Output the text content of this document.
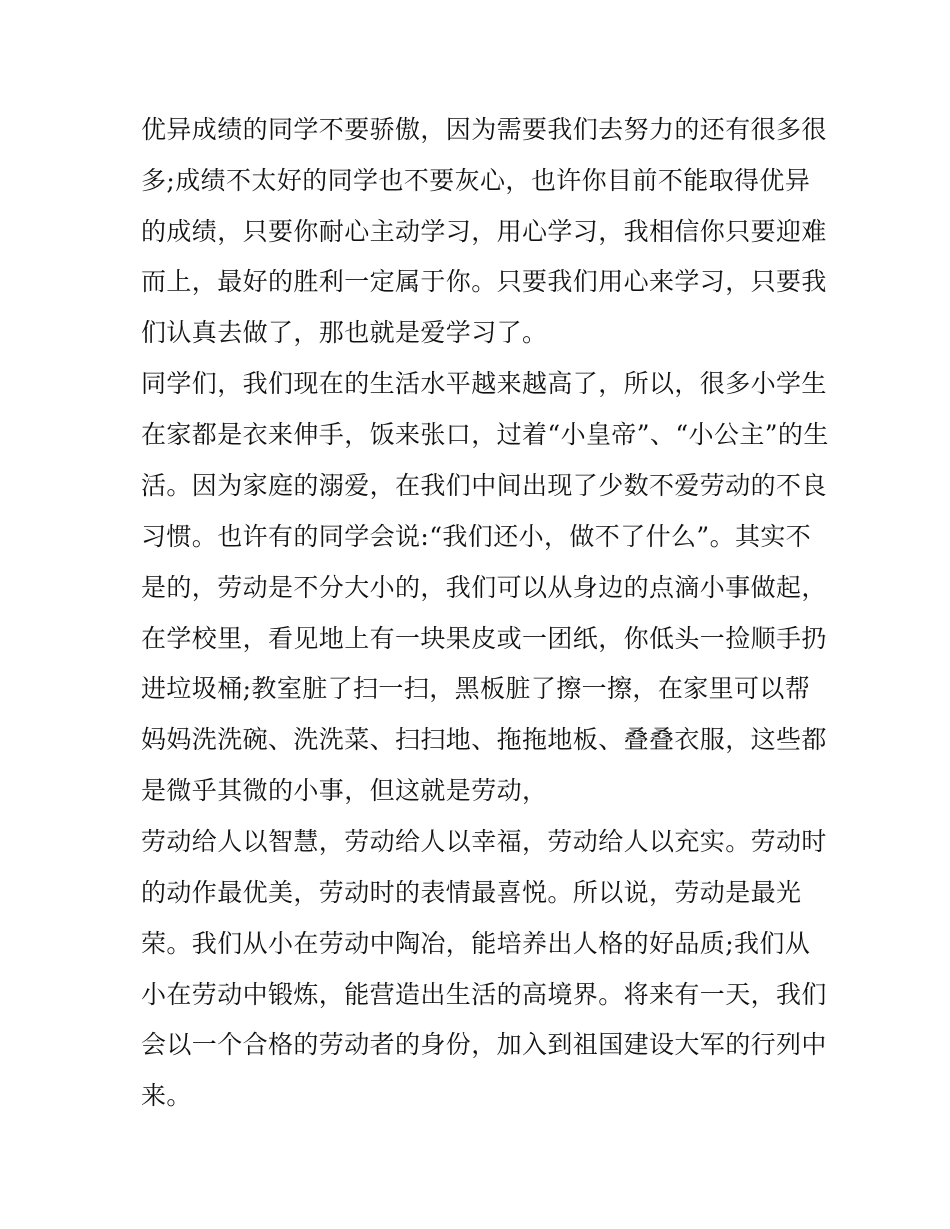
优异成绩的同学不要骄傲，因为需要我们去努力的还有很多很
多;成绩不太好的同学也不要灰心，也许你目前不能取得优异
的成绩，只要你耐心主动学习，用心学习，我相信你只要迎难
而上，最好的胜利一定属于你。只要我们用心来学习，只要我
们认真去做了，那也就是爱学习了。
同学们，我们现在的生活水平越来越高了，所以，很多小学生
在家都是衣来伸手，饭来张口，过着“小皇帝”、“小公主”的生
活。因为家庭的溺爱，在我们中间出现了少数不爱劳动的不良
习惯。也许有的同学会说:“我们还小，做不了什么”。其实不
是的，劳动是不分大小的，我们可以从身边的点滴小事做起，
在学校里，看见地上有一块果皮或一团纸，你低头一捡顺手扔
进垃圾桶;教室脏了扫一扫，黑板脏了擦一擦，在家里可以帮
妈妈洗洗碗、洗洗菜、扫扫地、拖拖地板、叠叠衣服，这些都
是微乎其微的小事，但这就是劳动，
劳动给人以智慧，劳动给人以幸福，劳动给人以充实。劳动时
的动作最优美，劳动时的表情最喜悦。所以说，劳动是最光
荣。我们从小在劳动中陶冶，能培养出人格的好品质;我们从
小在劳动中锻炼，能营造出生活的高境界。将来有一天，我们
会以一个合格的劳动者的身份，加入到祖国建设大军的行列中
来。
